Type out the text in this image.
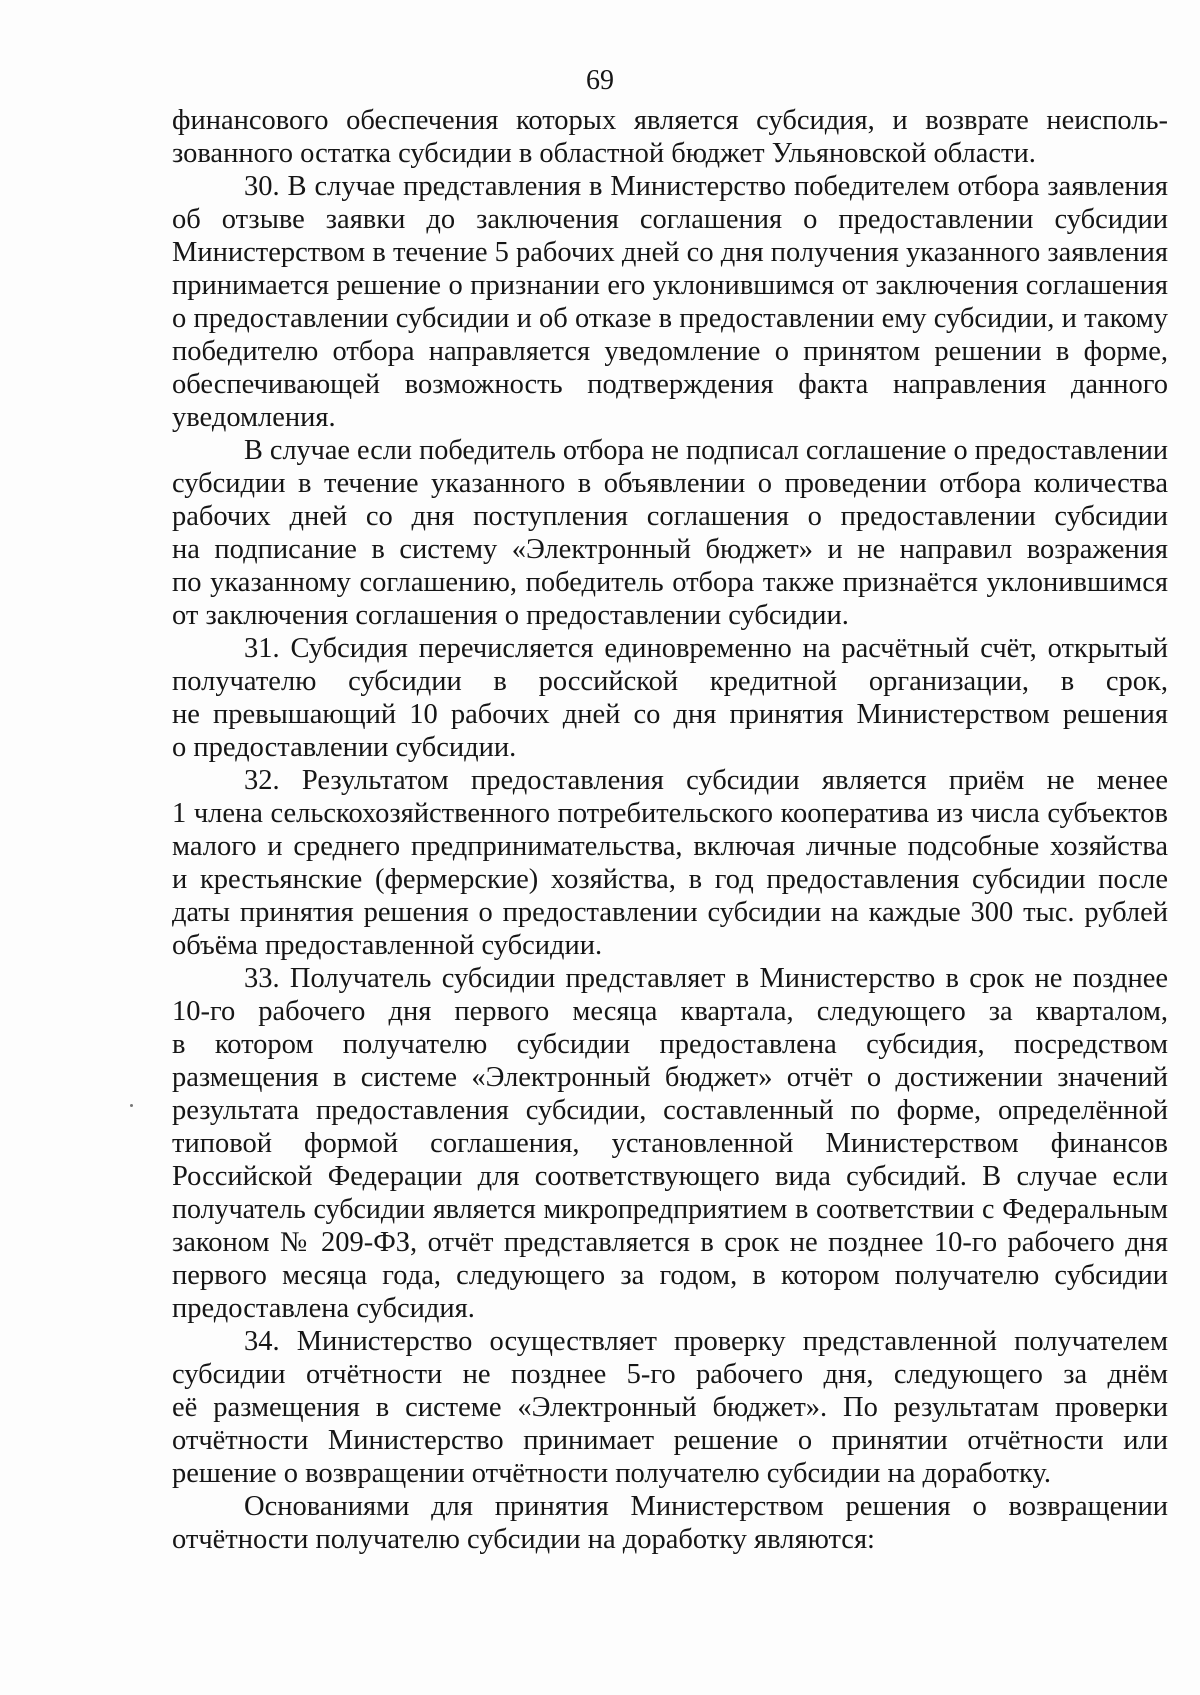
69
финансового обеспечения которых является субсидия, и возврате неисполь-
зованного остатка субсидии в областной бюджет Ульяновской области.
30. В случае представления в Министерство победителем отбора заявления
об отзыве заявки до заключения соглашения о предоставлении субсидии
Министерством в течение 5 рабочих дней со дня получения указанного заявления
принимается решение о признании его уклонившимся от заключения соглашения
о предоставлении субсидии и об отказе в предоставлении ему субсидии, и такому
победителю отбора направляется уведомление о принятом решении в форме,
обеспечивающей возможность подтверждения факта направления данного
уведомления.
В случае если победитель отбора не подписал соглашение о предоставлении
субсидии в течение указанного в объявлении о проведении отбора количества
рабочих дней со дня поступления соглашения о предоставлении субсидии
на подписание в систему «Электронный бюджет» и не направил возражения
по указанному соглашению, победитель отбора также признаётся уклонившимся
от заключения соглашения о предоставлении субсидии.
31. Субсидия перечисляется единовременно на расчётный счёт, открытый
получателю субсидии в российской кредитной организации, в срок,
не превышающий 10 рабочих дней со дня принятия Министерством решения
о предоставлении субсидии.
32. Результатом предоставления субсидии является приём не менее
1 члена сельскохозяйственного потребительского кооператива из числа субъектов
малого и среднего предпринимательства, включая личные подсобные хозяйства
и крестьянские (фермерские) хозяйства, в год предоставления субсидии после
даты принятия решения о предоставлении субсидии на каждые 300 тыс. рублей
объёма предоставленной субсидии.
33. Получатель субсидии представляет в Министерство в срок не позднее
10-го рабочего дня первого месяца квартала, следующего за кварталом,
в котором получателю субсидии предоставлена субсидия, посредством
размещения в системе «Электронный бюджет» отчёт о достижении значений
результата предоставления субсидии, составленный по форме, определённой
типовой формой соглашения, установленной Министерством финансов
Российской Федерации для соответствующего вида субсидий. В случае если
получатель субсидии является микропредприятием в соответствии с Федеральным
законом № 209-ФЗ, отчёт представляется в срок не позднее 10-го рабочего дня
первого месяца года, следующего за годом, в котором получателю субсидии
предоставлена субсидия.
34. Министерство осуществляет проверку представленной получателем
субсидии отчётности не позднее 5-го рабочего дня, следующего за днём
её размещения в системе «Электронный бюджет». По результатам проверки
отчётности Министерство принимает решение о принятии отчётности или
решение о возвращении отчётности получателю субсидии на доработку.
Основаниями для принятия Министерством решения о возвращении
отчётности получателю субсидии на доработку являются:
